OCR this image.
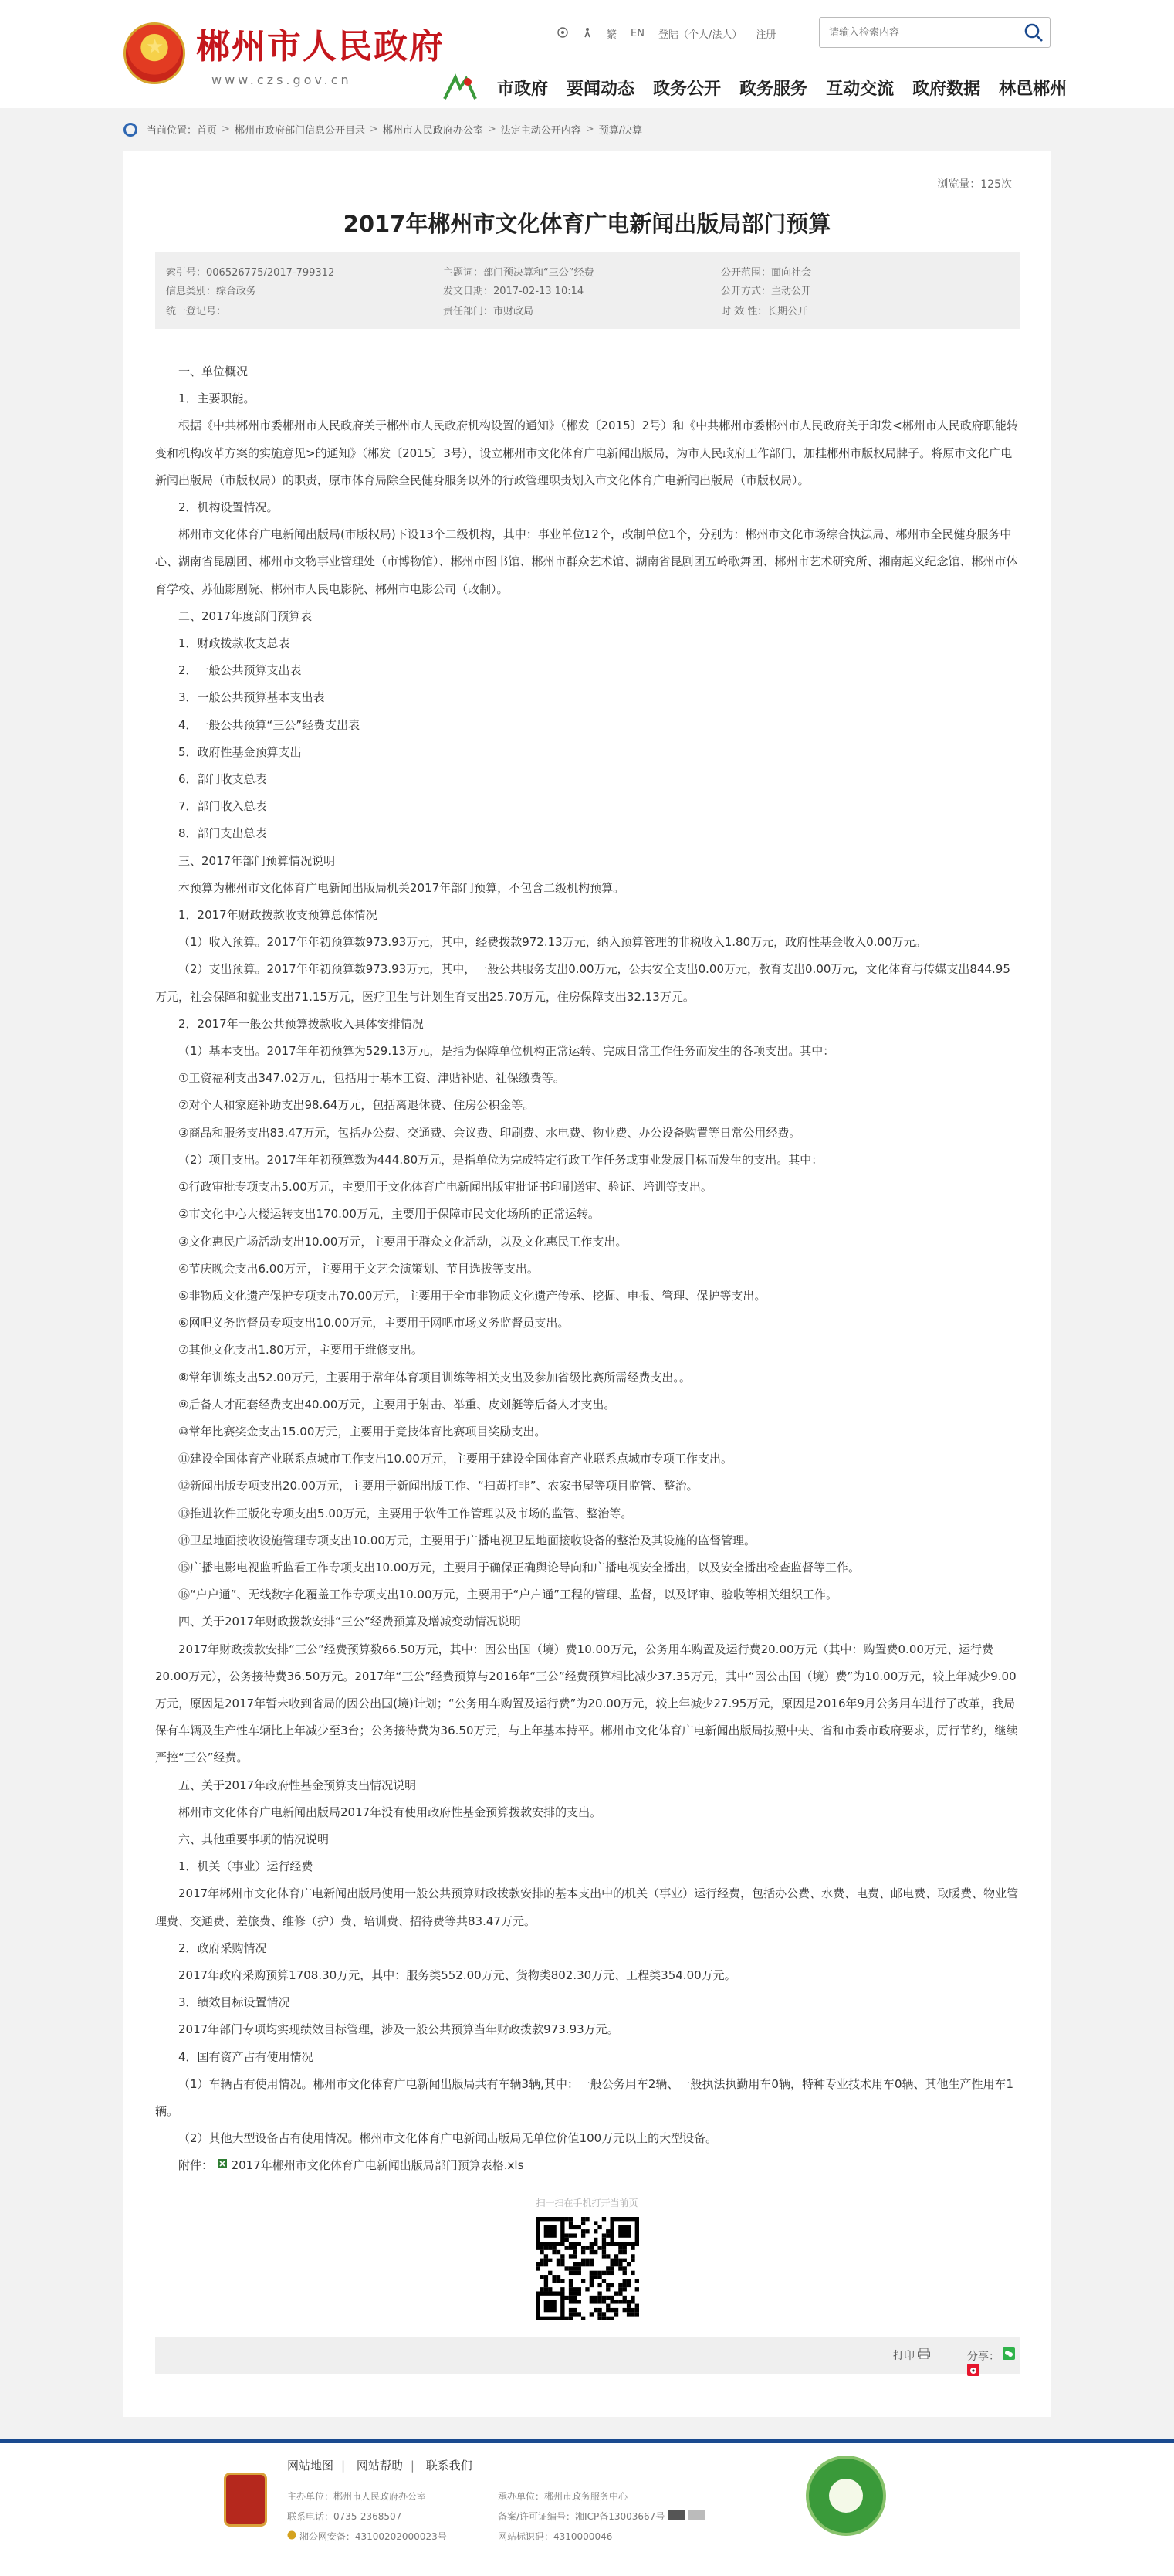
★
郴州市人民政府
www.czs.gov.cn
繁 EN 登陆（个人/法人） 注册
请输入检索内容
市政府 要闻动态 政务公开 政务服务 互动交流 政府数据 林邑郴州
当前位置： 首页 > 郴州市政府部门信息公开目录 > 郴州市人民政府办公室 > 法定主动公开内容 > 预算/决算
浏览量：125次
2017年郴州市文化体育广电新闻出版局部门预算
索引号：006526775/2017-799312
信息类别：综合政务
统一登记号：
主题词：部门预决算和“三公”经费
发文日期：2017-02-13 10:14
责任部门：市财政局
公开范围：面向社会
公开方式：主动公开
时 效 性：长期公开

一、单位概况

1．主要职能。

根据《中共郴州市委郴州市人民政府关于郴州市人民政府机构设置的通知》（郴发〔2015〕2号）和《中共郴州市委郴州市人民政府关于印发<郴州市人民政府职能转变和机构改革方案的实施意见>的通知》（郴发〔2015〕3号），设立郴州市文化体育广电新闻出版局，为市人民政府工作部门，加挂郴州市版权局牌子。将原市文化广电新闻出版局（市版权局）的职责，原市体育局除全民健身服务以外的行政管理职责划入市文化体育广电新闻出版局（市版权局）。

2．机构设置情况。

郴州市文化体育广电新闻出版局(市版权局)下设13个二级机构，其中：事业单位12个，改制单位1个，分别为：郴州市文化市场综合执法局、郴州市全民健身服务中心、湖南省昆剧团、郴州市文物事业管理处（市博物馆）、郴州市图书馆、郴州市群众艺术馆、湖南省昆剧团五岭歌舞团、郴州市艺术研究所、湘南起义纪念馆、郴州市体育学校、苏仙影剧院、郴州市人民电影院、郴州市电影公司（改制）。

二、2017年度部门预算表

1．财政拨款收支总表

2．一般公共预算支出表

3．一般公共预算基本支出表

4．一般公共预算“三公”经费支出表

5．政府性基金预算支出

6．部门收支总表

7．部门收入总表

8．部门支出总表

三、2017年部门预算情况说明

本预算为郴州市文化体育广电新闻出版局机关2017年部门预算，不包含二级机构预算。

1．2017年财政拨款收支预算总体情况

（1）收入预算。2017年年初预算数973.93万元，其中，经费拨款972.13万元，纳入预算管理的非税收入1.80万元，政府性基金收入0.00万元。

（2）支出预算。2017年年初预算数973.93万元，其中，一般公共服务支出0.00万元，公共安全支出0.00万元，教育支出0.00万元，文化体育与传媒支出844.95万元，社会保障和就业支出71.15万元，医疗卫生与计划生育支出25.70万元，住房保障支出32.13万元。

2．2017年一般公共预算拨款收入具体安排情况

（1）基本支出。2017年年初预算为529.13万元，是指为保障单位机构正常运转、完成日常工作任务而发生的各项支出。其中：

①工资福利支出347.02万元，包括用于基本工资、津贴补贴、社保缴费等。

②对个人和家庭补助支出98.64万元，包括离退休费、住房公积金等。

③商品和服务支出83.47万元，包括办公费、交通费、会议费、印刷费、水电费、物业费、办公设备购置等日常公用经费。

（2）项目支出。2017年年初预算数为444.80万元，是指单位为完成特定行政工作任务或事业发展目标而发生的支出。其中：

①行政审批专项支出5.00万元，主要用于文化体育广电新闻出版审批证书印刷送审、验证、培训等支出。

②市文化中心大楼运转支出170.00万元，主要用于保障市民文化场所的正常运转。

③文化惠民广场活动支出10.00万元，主要用于群众文化活动，以及文化惠民工作支出。

④节庆晚会支出6.00万元，主要用于文艺会演策划、节目选拔等支出。

⑤非物质文化遗产保护专项支出70.00万元，主要用于全市非物质文化遗产传承、挖掘、申报、管理、保护等支出。

⑥网吧义务监督员专项支出10.00万元，主要用于网吧市场义务监督员支出。

⑦其他文化支出1.80万元，主要用于维修支出。

⑧常年训练支出52.00万元，主要用于常年体育项目训练等相关支出及参加省级比赛所需经费支出。。

⑨后备人才配套经费支出40.00万元，主要用于射击、举重、皮划艇等后备人才支出。

⑩常年比赛奖金支出15.00万元，主要用于竞技体育比赛项目奖励支出。

⑪建设全国体育产业联系点城市工作支出10.00万元，主要用于建设全国体育产业联系点城市专项工作支出。

⑫新闻出版专项支出20.00万元，主要用于新闻出版工作、“扫黄打非”、农家书屋等项目监管、整治。

⑬推进软件正版化专项支出5.00万元，主要用于软件工作管理以及市场的监管、整治等。

⑭卫星地面接收设施管理专项支出10.00万元，主要用于广播电视卫星地面接收设备的整治及其设施的监督管理。

⑮广播电影电视监听监看工作专项支出10.00万元，主要用于确保正确舆论导向和广播电视安全播出，以及安全播出检查监督等工作。

⑯“户户通”、无线数字化覆盖工作专项支出10.00万元，主要用于“户户通”工程的管理、监督，以及评审、验收等相关组织工作。

四、关于2017年财政拨款安排“三公”经费预算及增减变动情况说明

2017年财政拨款安排“三公”经费预算数66.50万元，其中：因公出国（境）费10.00万元，公务用车购置及运行费20.00万元（其中：购置费0.00万元、运行费20.00万元），公务接待费36.50万元。2017年“三公”经费预算与2016年“三公”经费预算相比减少37.35万元，其中“因公出国（境）费”为10.00万元，较上年减少9.00万元，原因是2017年暂未收到省局的因公出国(境)计划；“公务用车购置及运行费”为20.00万元，较上年减少27.95万元，原因是2016年9月公务用车进行了改革，我局保有车辆及生产性车辆比上年减少至3台；公务接待费为36.50万元，与上年基本持平。郴州市文化体育广电新闻出版局按照中央、省和市委市政府要求，厉行节约，继续严控“三公”经费。

五、关于2017年政府性基金预算支出情况说明

郴州市文化体育广电新闻出版局2017年没有使用政府性基金预算拨款安排的支出。

六、其他重要事项的情况说明

1．机关（事业）运行经费

2017年郴州市文化体育广电新闻出版局使用一般公共预算财政拨款安排的基本支出中的机关（事业）运行经费，包括办公费、水费、电费、邮电费、取暖费、物业管理费、交通费、差旅费、维修（护）费、培训费、招待费等共83.47万元。

2．政府采购情况

2017年政府采购预算1708.30万元，其中：服务类552.00万元、货物类802.30万元、工程类354.00万元。

3．绩效目标设置情况

2017年部门专项均实现绩效目标管理，涉及一般公共预算当年财政拨款973.93万元。

4．国有资产占有使用情况

（1）车辆占有使用情况。郴州市文化体育广电新闻出版局共有车辆3辆,其中：一般公务用车2辆、一般执法执勤用车0辆，特种专业技术用车0辆、其他生产性用车1辆。

（2）其他大型设备占有使用情况。郴州市文化体育广电新闻出版局无单位价值100万元以上的大型设备。

附件： 2017年郴州市文化体育广电新闻出版局部门预算表格.xls

扫一扫在手机打开当前页
打印	分享：
网站地图 | 网站帮助 | 联系我们
主办单位：郴州市人民政府办公室
联系电话：0735-2368507
湘公网安备：43100202000023号
承办单位：郴州市政务服务中心
备案/许可证编号：湘ICP备13003667号
网站标识码：4310000046
